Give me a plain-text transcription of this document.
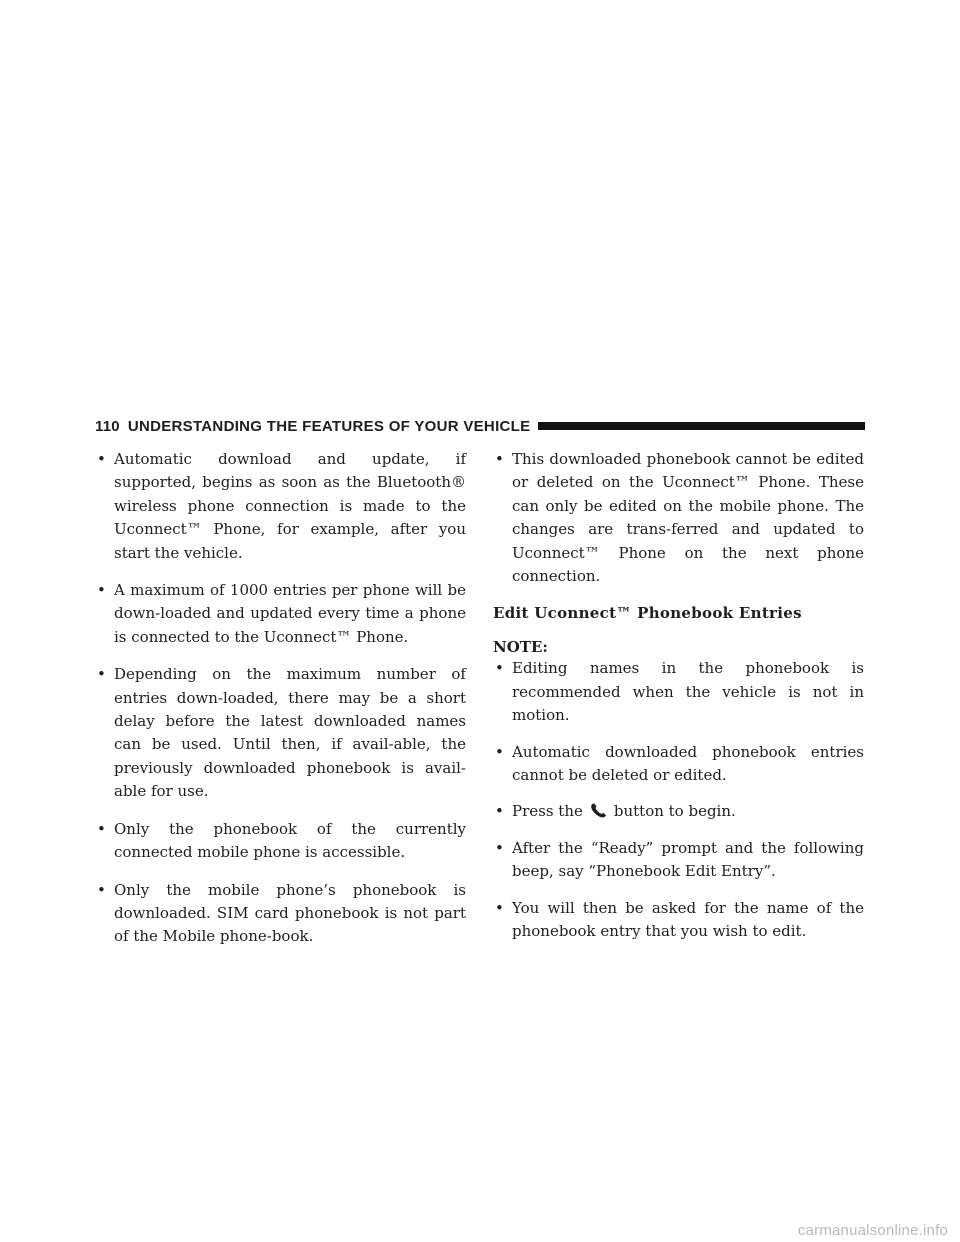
110 UNDERSTANDING THE FEATURES OF YOUR VEHICLE
• Automatic download and update, if supported, begins as soon as the Bluetooth® wireless phone connection is made to the Uconnect™ Phone, for example, after you start the vehicle.
• A maximum of 1000 entries per phone will be down-loaded and updated every time a phone is connected to the Uconnect™ Phone.
• Depending on the maximum number of entries down-loaded, there may be a short delay before the latest downloaded names can be used. Until then, if avail-able, the previously downloaded phonebook is avail-able for use.
• Only the phonebook of the currently connected mobile phone is accessible.
• Only the mobile phone’s phonebook is downloaded. SIM card phonebook is not part of the Mobile phone-book.
• This downloaded phonebook cannot be edited or deleted on the Uconnect™ Phone. These can only be edited on the mobile phone. The changes are trans-ferred and updated to Uconnect™ Phone on the next phone connection.
Edit Uconnect™ Phonebook Entries
NOTE:
• Editing names in the phonebook is recommended when the vehicle is not in motion.
• Automatic downloaded phonebook entries cannot be deleted or edited.
• Press the button to begin.
• After the “Ready” prompt and the following beep, say “Phonebook Edit Entry”.
• You will then be asked for the name of the phonebook entry that you wish to edit.
carmanualsonline.info
